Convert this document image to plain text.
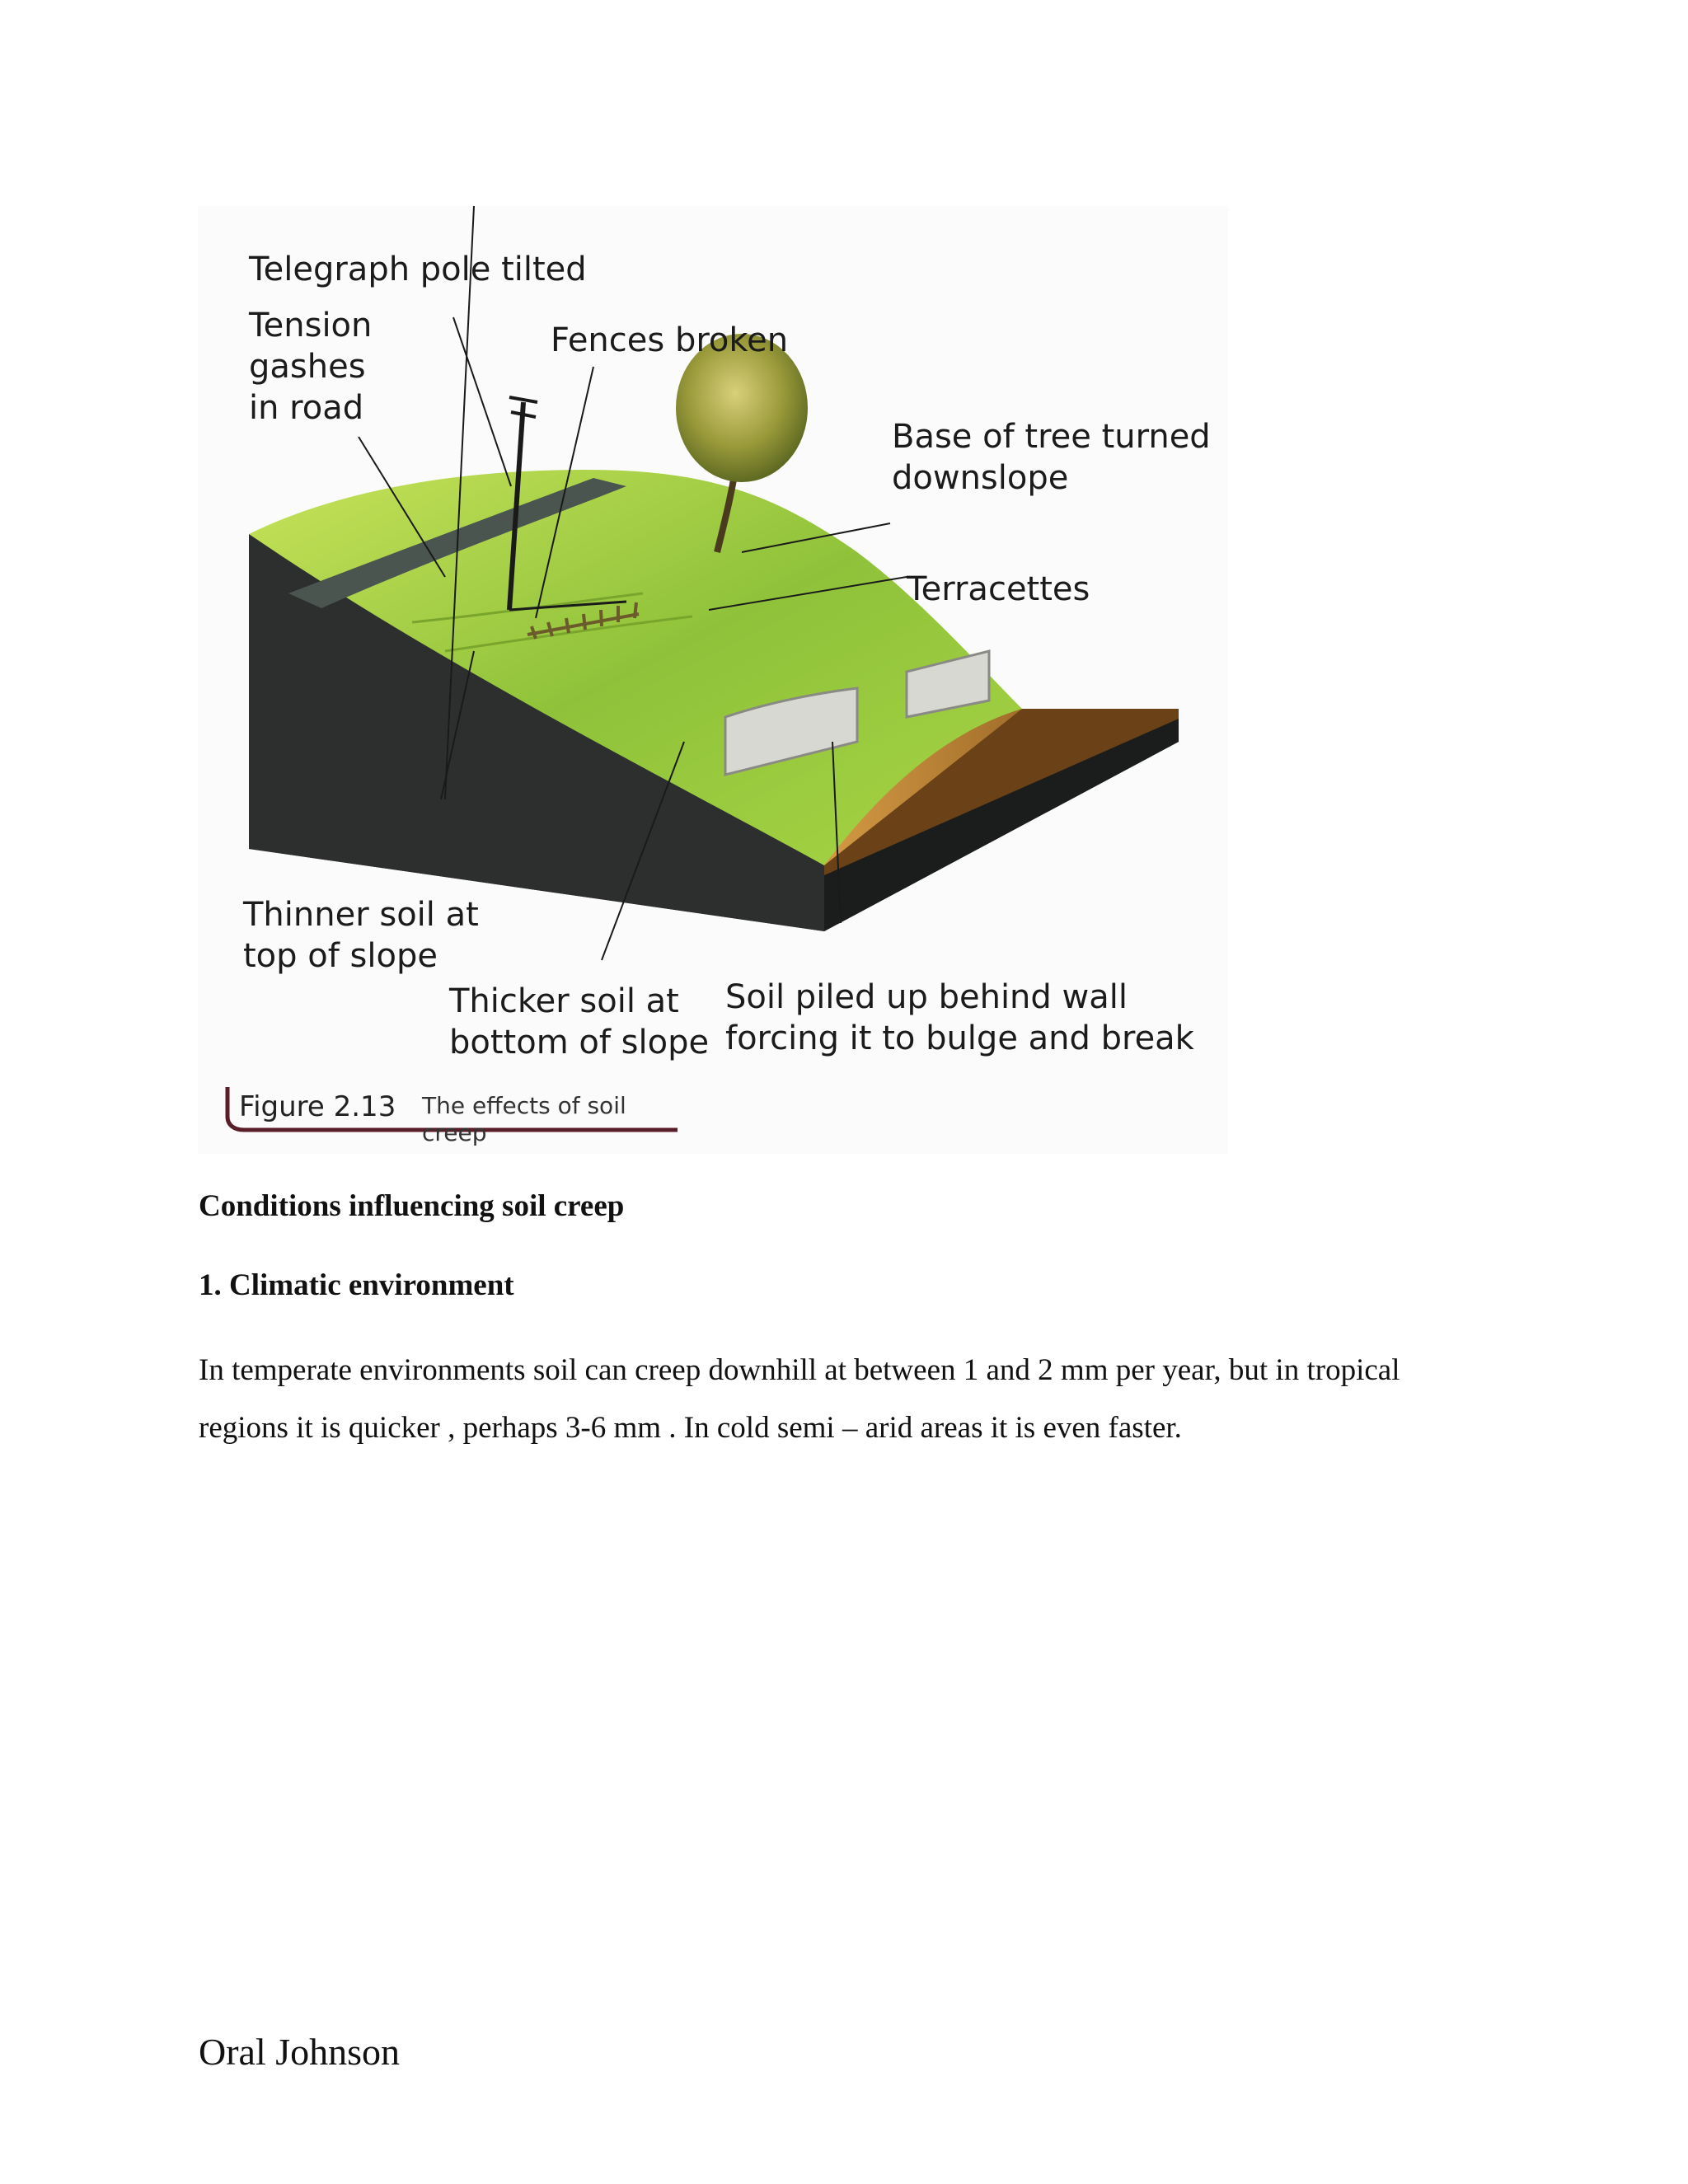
Telegraph pole tilted
Tension
gashes
in road
Fences broken
Base of tree turned
downslope
Terracettes
Thinner soil at
top of slope
Thicker soil at
bottom of slope
Soil piled up behind wall
forcing it to bulge and break
Figure 2.13 The effects of soil creep
Conditions influencing soil creep
1. Climatic environment
In temperate environments soil can creep downhill at between 1 and 2 mm per year, but in tropical regions it is quicker , perhaps 3-6 mm . In cold semi – arid areas it is even faster.
Oral Johnson
